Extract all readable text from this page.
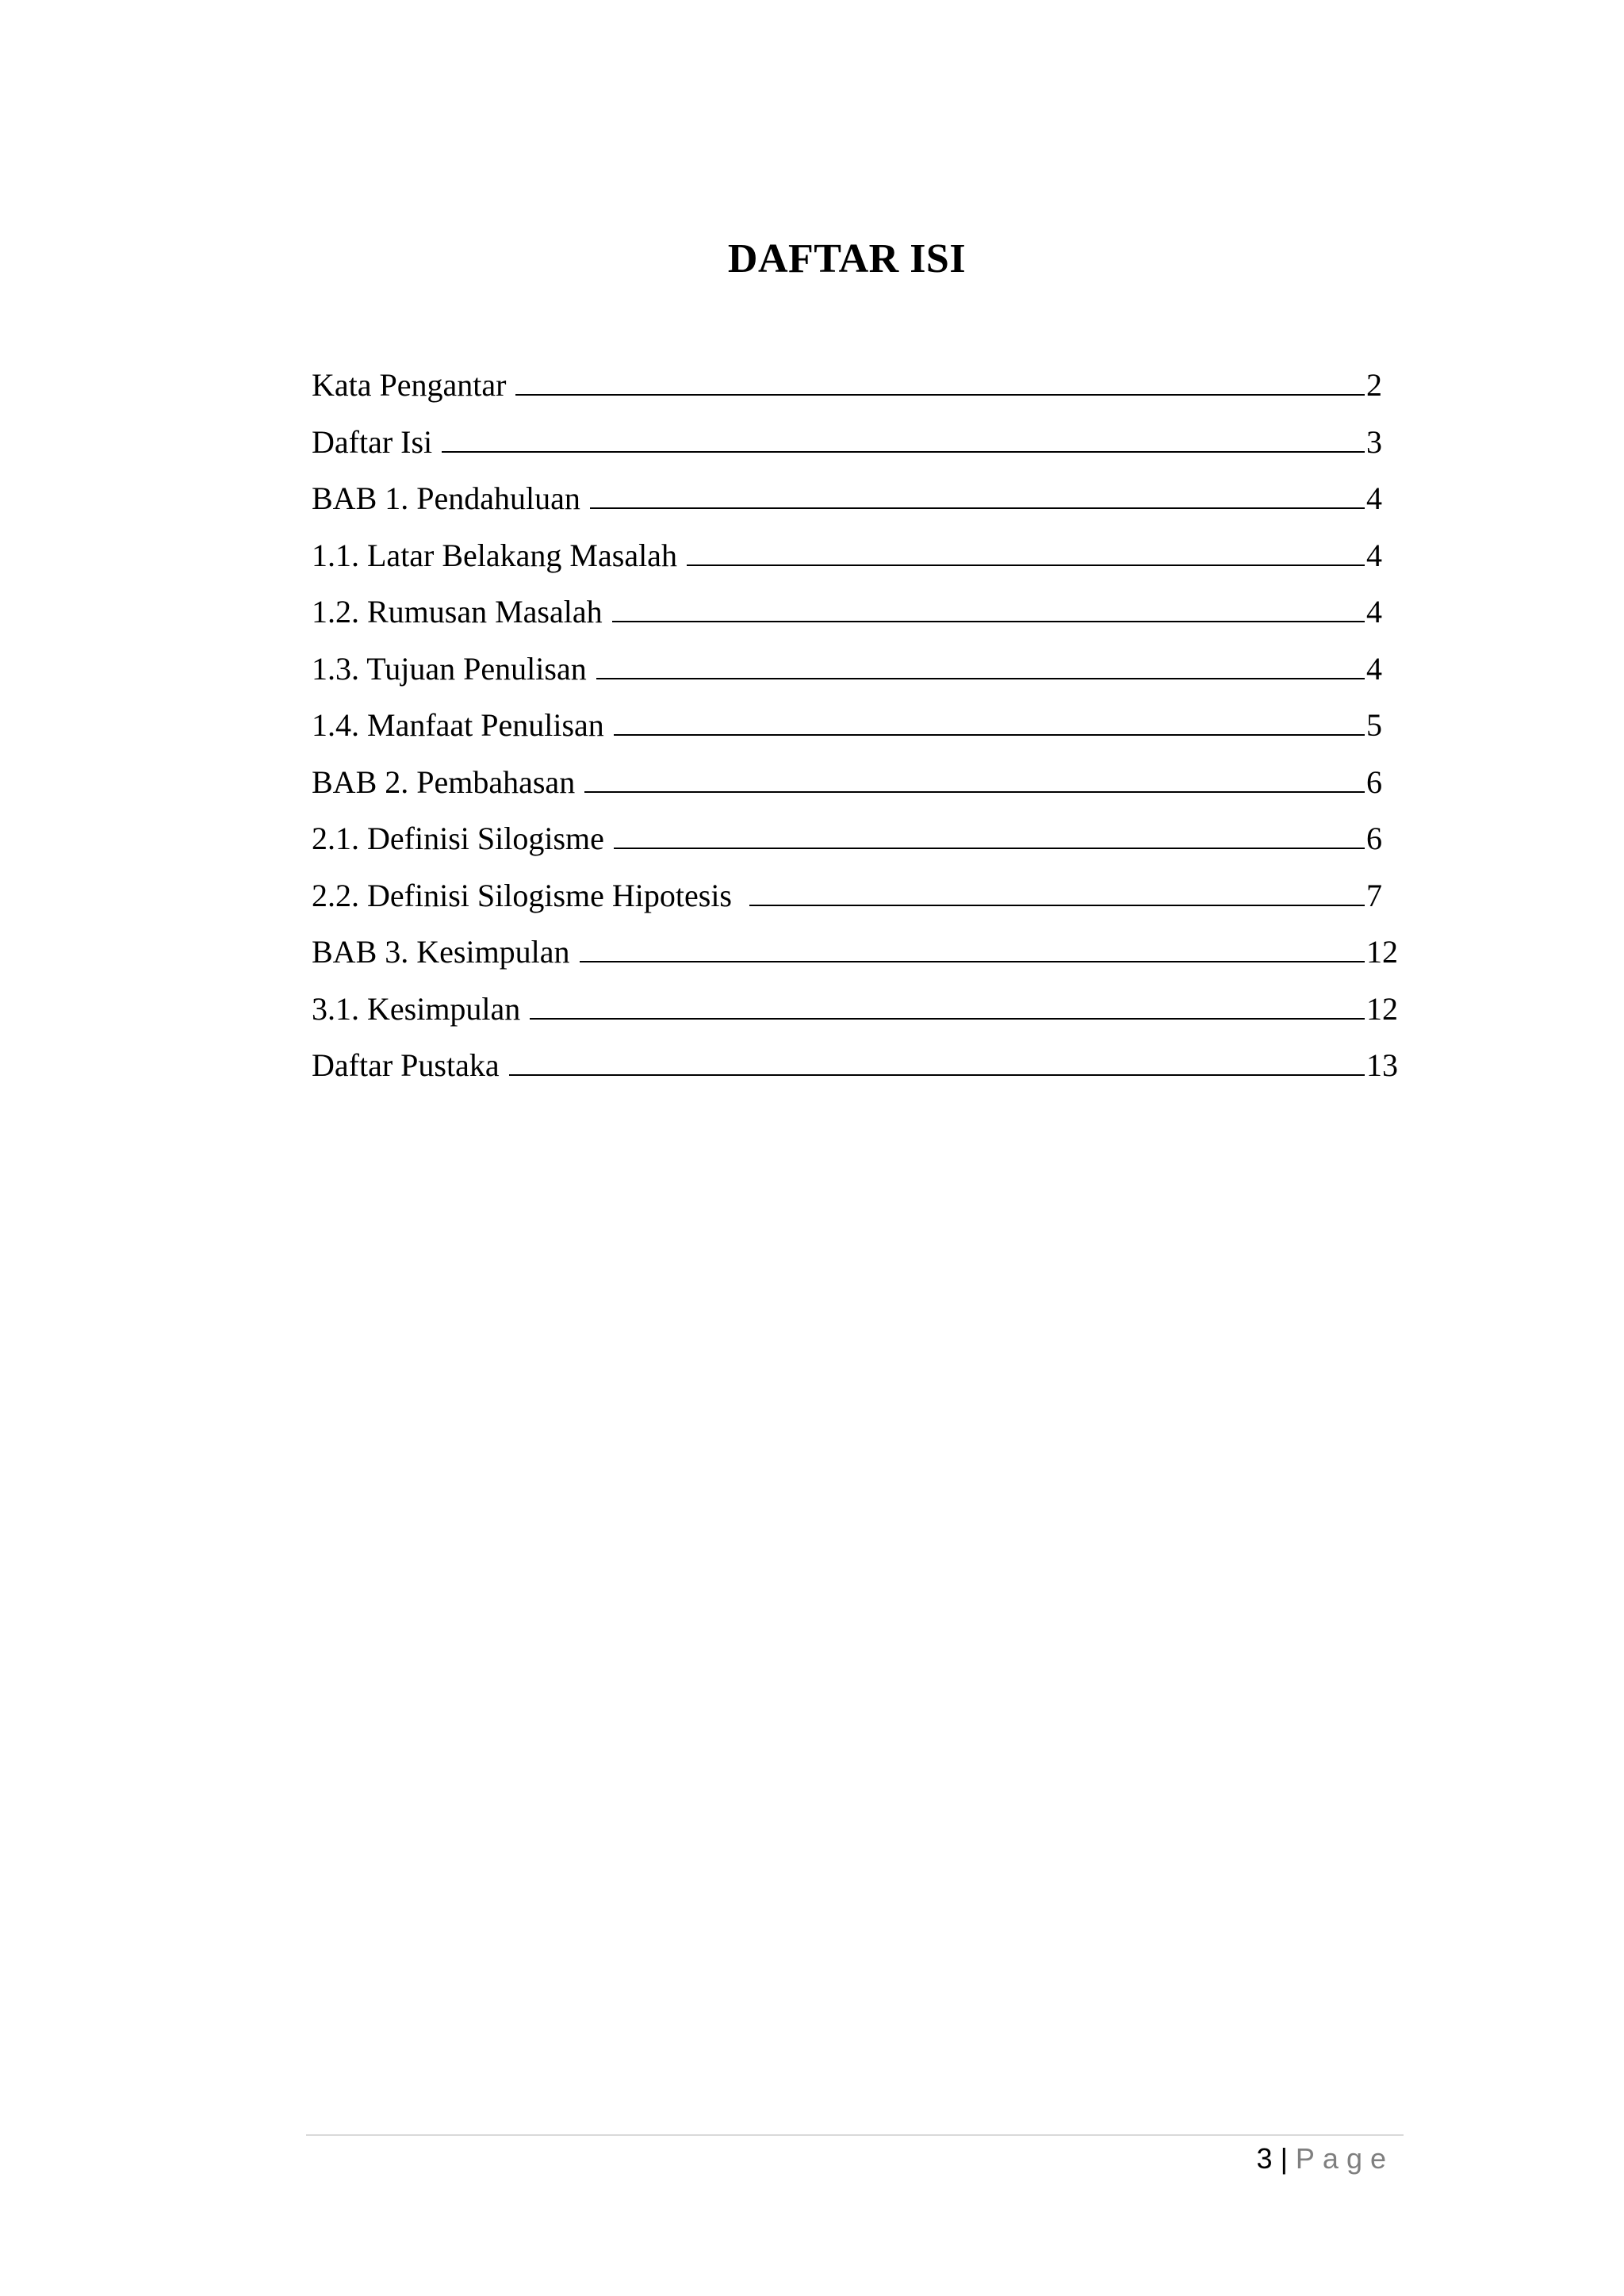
DAFTAR ISI
Kata Pengantar	2
Daftar Isi	3
BAB 1. Pendahuluan	4
1.1. Latar Belakang Masalah	4
1.2. Rumusan Masalah	4
1.3. Tujuan Penulisan	4
1.4. Manfaat Penulisan	5
BAB 2. Pembahasan	6
2.1. Definisi Silogisme	6
2.2. Definisi Silogisme Hipotesis	7
BAB 3. Kesimpulan	12
3.1. Kesimpulan	12
Daftar Pustaka	13
3 | Page
